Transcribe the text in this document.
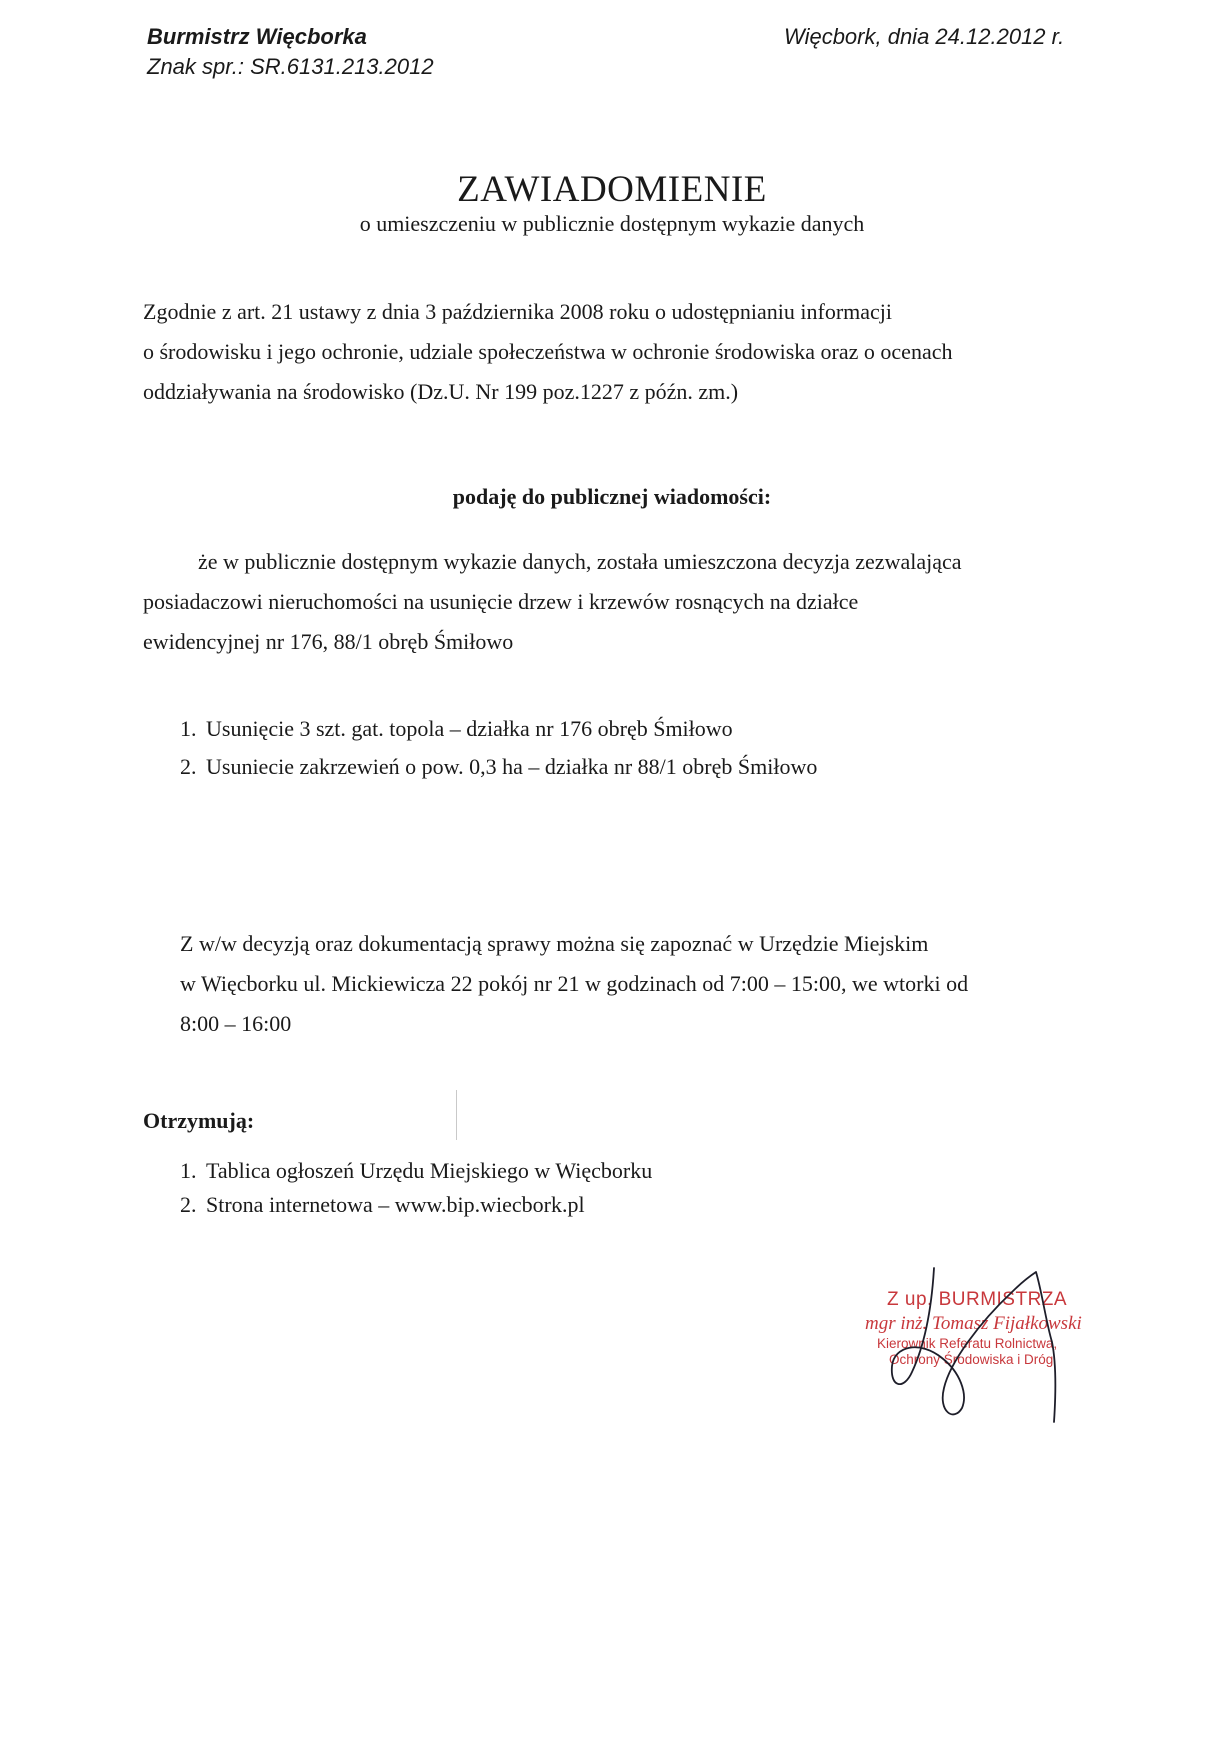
Burmistrz Więcborka
Znak spr.: SR.6131.213.2012
Więcbork, dnia 24.12.2012 r.
ZAWIADOMIENIE
o umieszczeniu w publicznie dostępnym wykazie danych

Zgodnie z art. 21 ustawy z dnia 3 października 2008 roku o udostępnianiu informacji

o środowisku i jego ochronie, udziale społeczeństwa w ochronie środowiska oraz o ocenach

oddziaływania na środowisko (Dz.U. Nr 199 poz.1227 z późn. zm.)

podaję do publicznej wiadomości:

że w publicznie dostępnym wykazie danych, została umieszczona decyzja zezwalająca

posiadaczowi nieruchomości na usunięcie drzew i krzewów rosnących na działce

ewidencyjnej nr 176, 88/1 obręb Śmiłowo

1. Usunięcie 3 szt. gat. topola – działka nr 176 obręb Śmiłowo
2. Usuniecie zakrzewień o pow. 0,3 ha – działka nr 88/1 obręb Śmiłowo

Z w/w decyzją oraz dokumentacją sprawy można się zapoznać w Urzędzie Miejskim

w Więcborku ul. Mickiewicza 22 pokój nr 21 w godzinach od 7:00 – 15:00, we wtorki od

8:00 – 16:00

Otrzymują:
1. Tablica ogłoszeń Urzędu Miejskiego w Więcborku
2. Strona internetowa – www.bip.wiecbork.pl
Z up. BURMISTRZA
mgr inż. Tomasz Fijałkowski
Kierownik Referatu Rolnictwa,
Ochrony Środowiska i Dróg
